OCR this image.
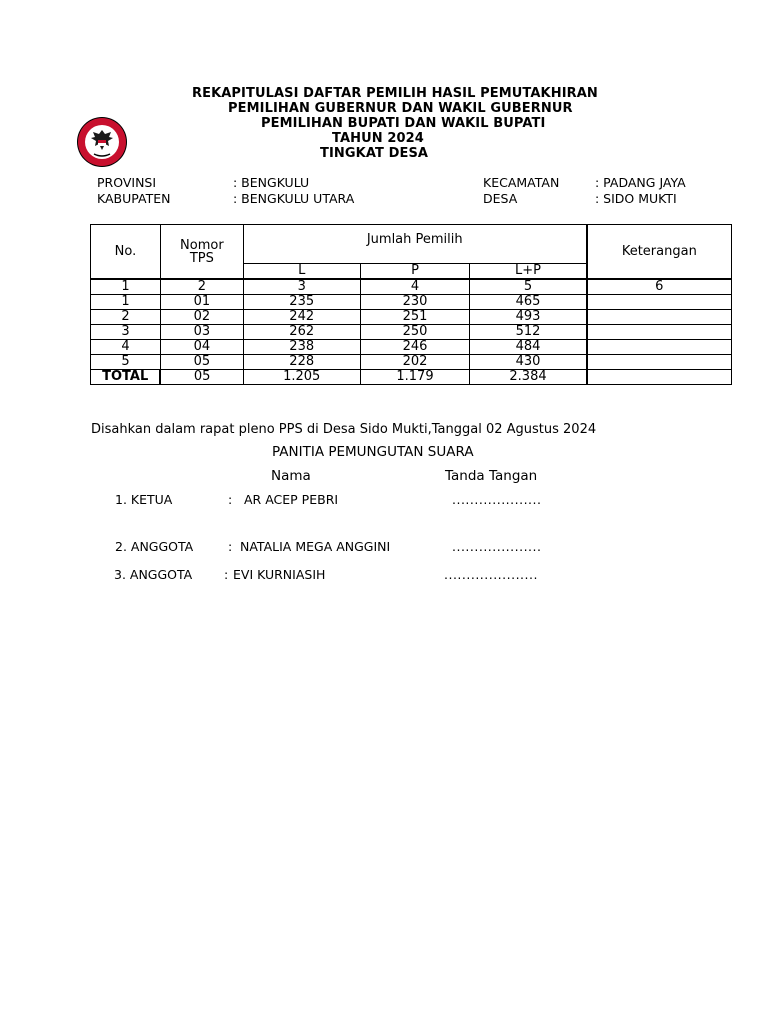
REKAPITULASI DAFTAR PEMILIH HASIL PEMUTAKHIRAN
PEMILIHAN GUBERNUR DAN WAKIL GUBERNUR
PEMILIHAN BUPATI DAN WAKIL BUPATI
TAHUN 2024
TINGKAT DESA
PROVINSI	: BENGKULU
KABUPATEN	: BENGKULU UTARA
KECAMATAN	: PADANG JAYA
DESA	: SIDO MUKTI
No.	Nomor TPS	Jumlah Pemilih			Keterangan
		L	P	L+P	
1	2	3	4	5	6
1	01	235	230	465	
2	02	242	251	493	
3	03	262	250	512	
4	04	238	246	484	
5	05	228	202	430	
TOTAL	05	1.205	1.179	2.384	
Disahkan dalam rapat pleno PPS di Desa Sido Mukti,Tanggal 02 Agustus 2024
PANITIA PEMUNGUTAN SUARA
Nama	Tanda Tangan
1. KETUA	: AR ACEP PEBRI	....................
2. ANGGOTA	: NATALIA MEGA ANGGINI	....................
3. ANGGOTA	: EVI KURNIASIH	.....................
